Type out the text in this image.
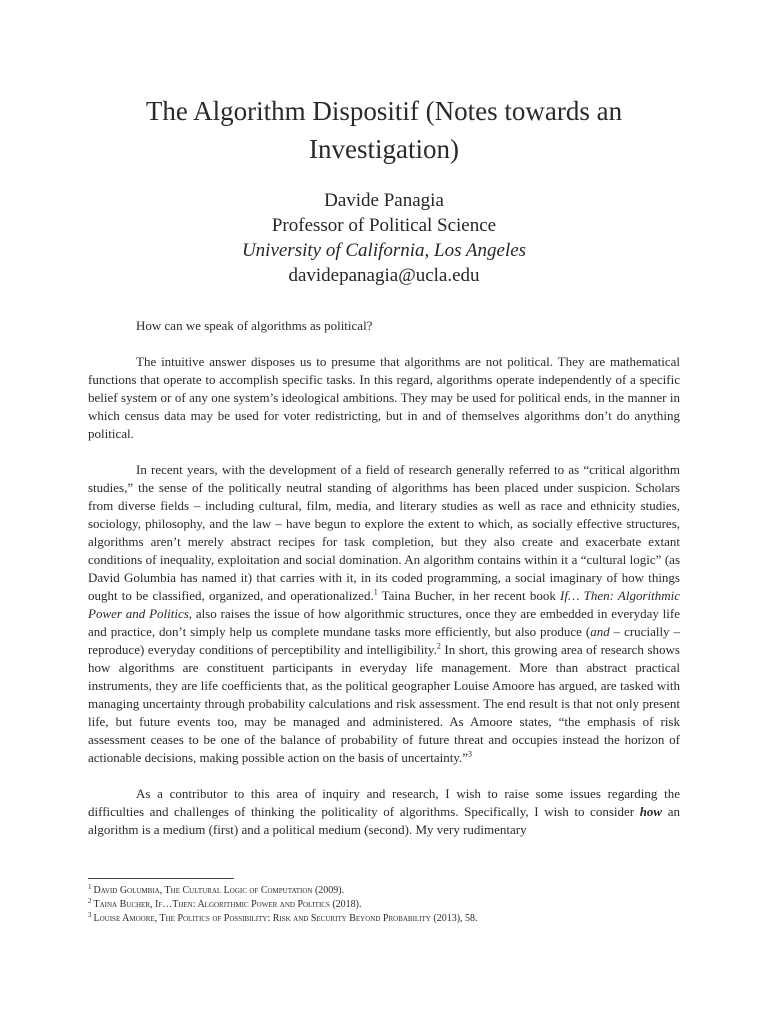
The Algorithm Dispositif (Notes towards an Investigation)
Davide Panagia
Professor of Political Science
University of California, Los Angeles
davidepanagia@ucla.edu

How can we speak of algorithms as political?

The intuitive answer disposes us to presume that algorithms are not political. They are mathematical functions that operate to accomplish specific tasks. In this regard, algorithms operate independently of a specific belief system or of any one system’s ideological ambitions. They may be used for political ends, in the manner in which census data may be used for voter redistricting, but in and of themselves algorithms don’t do anything political.

In recent years, with the development of a field of research generally referred to as “critical algorithm studies,” the sense of the politically neutral standing of algorithms has been placed under suspicion. Scholars from diverse fields – including cultural, film, media, and literary studies as well as race and ethnicity studies, sociology, philosophy, and the law – have begun to explore the extent to which, as socially effective structures, algorithms aren’t merely abstract recipes for task completion, but they also create and exacerbate extant conditions of inequality, exploitation and social domination. An algorithm contains within it a “cultural logic” (as David Golumbia has named it) that carries with it, in its coded programming, a social imaginary of how things ought to be classified, organized, and operationalized.$^1$ Taina Bucher, in her recent book If… Then: Algorithmic Power and Politics, also raises the issue of how algorithmic structures, once they are embedded in everyday life and practice, don’t simply help us complete mundane tasks more efficiently, but also produce (and – crucially – reproduce) everyday conditions of perceptibility and intelligibility.$^2$ In short, this growing area of research shows how algorithms are constituent participants in everyday life management. More than abstract practical instruments, they are life coefficients that, as the political geographer Louise Amoore has argued, are tasked with managing uncertainty through probability calculations and risk assessment. The end result is that not only present life, but future events too, may be managed and administered. As Amoore states, “the emphasis of risk assessment ceases to be one of the balance of probability of future threat and occupies instead the horizon of actionable decisions, making possible action on the basis of uncertainty.”$^3$

As a contributor to this area of inquiry and research, I wish to raise some issues regarding the difficulties and challenges of thinking the politicality of algorithms. Specifically, I wish to consider how an algorithm is a medium (first) and a political medium (second). My very rudimentary

$^1$ David Golumbia, The Cultural Logic of Computation (2009).

$^2$ Taina Bucher, If…Then: Algorithmic Power and Politics (2018).

$^3$ Louise Amoore, The Politics of Possibility: Risk and Security Beyond Probability (2013), 58.
